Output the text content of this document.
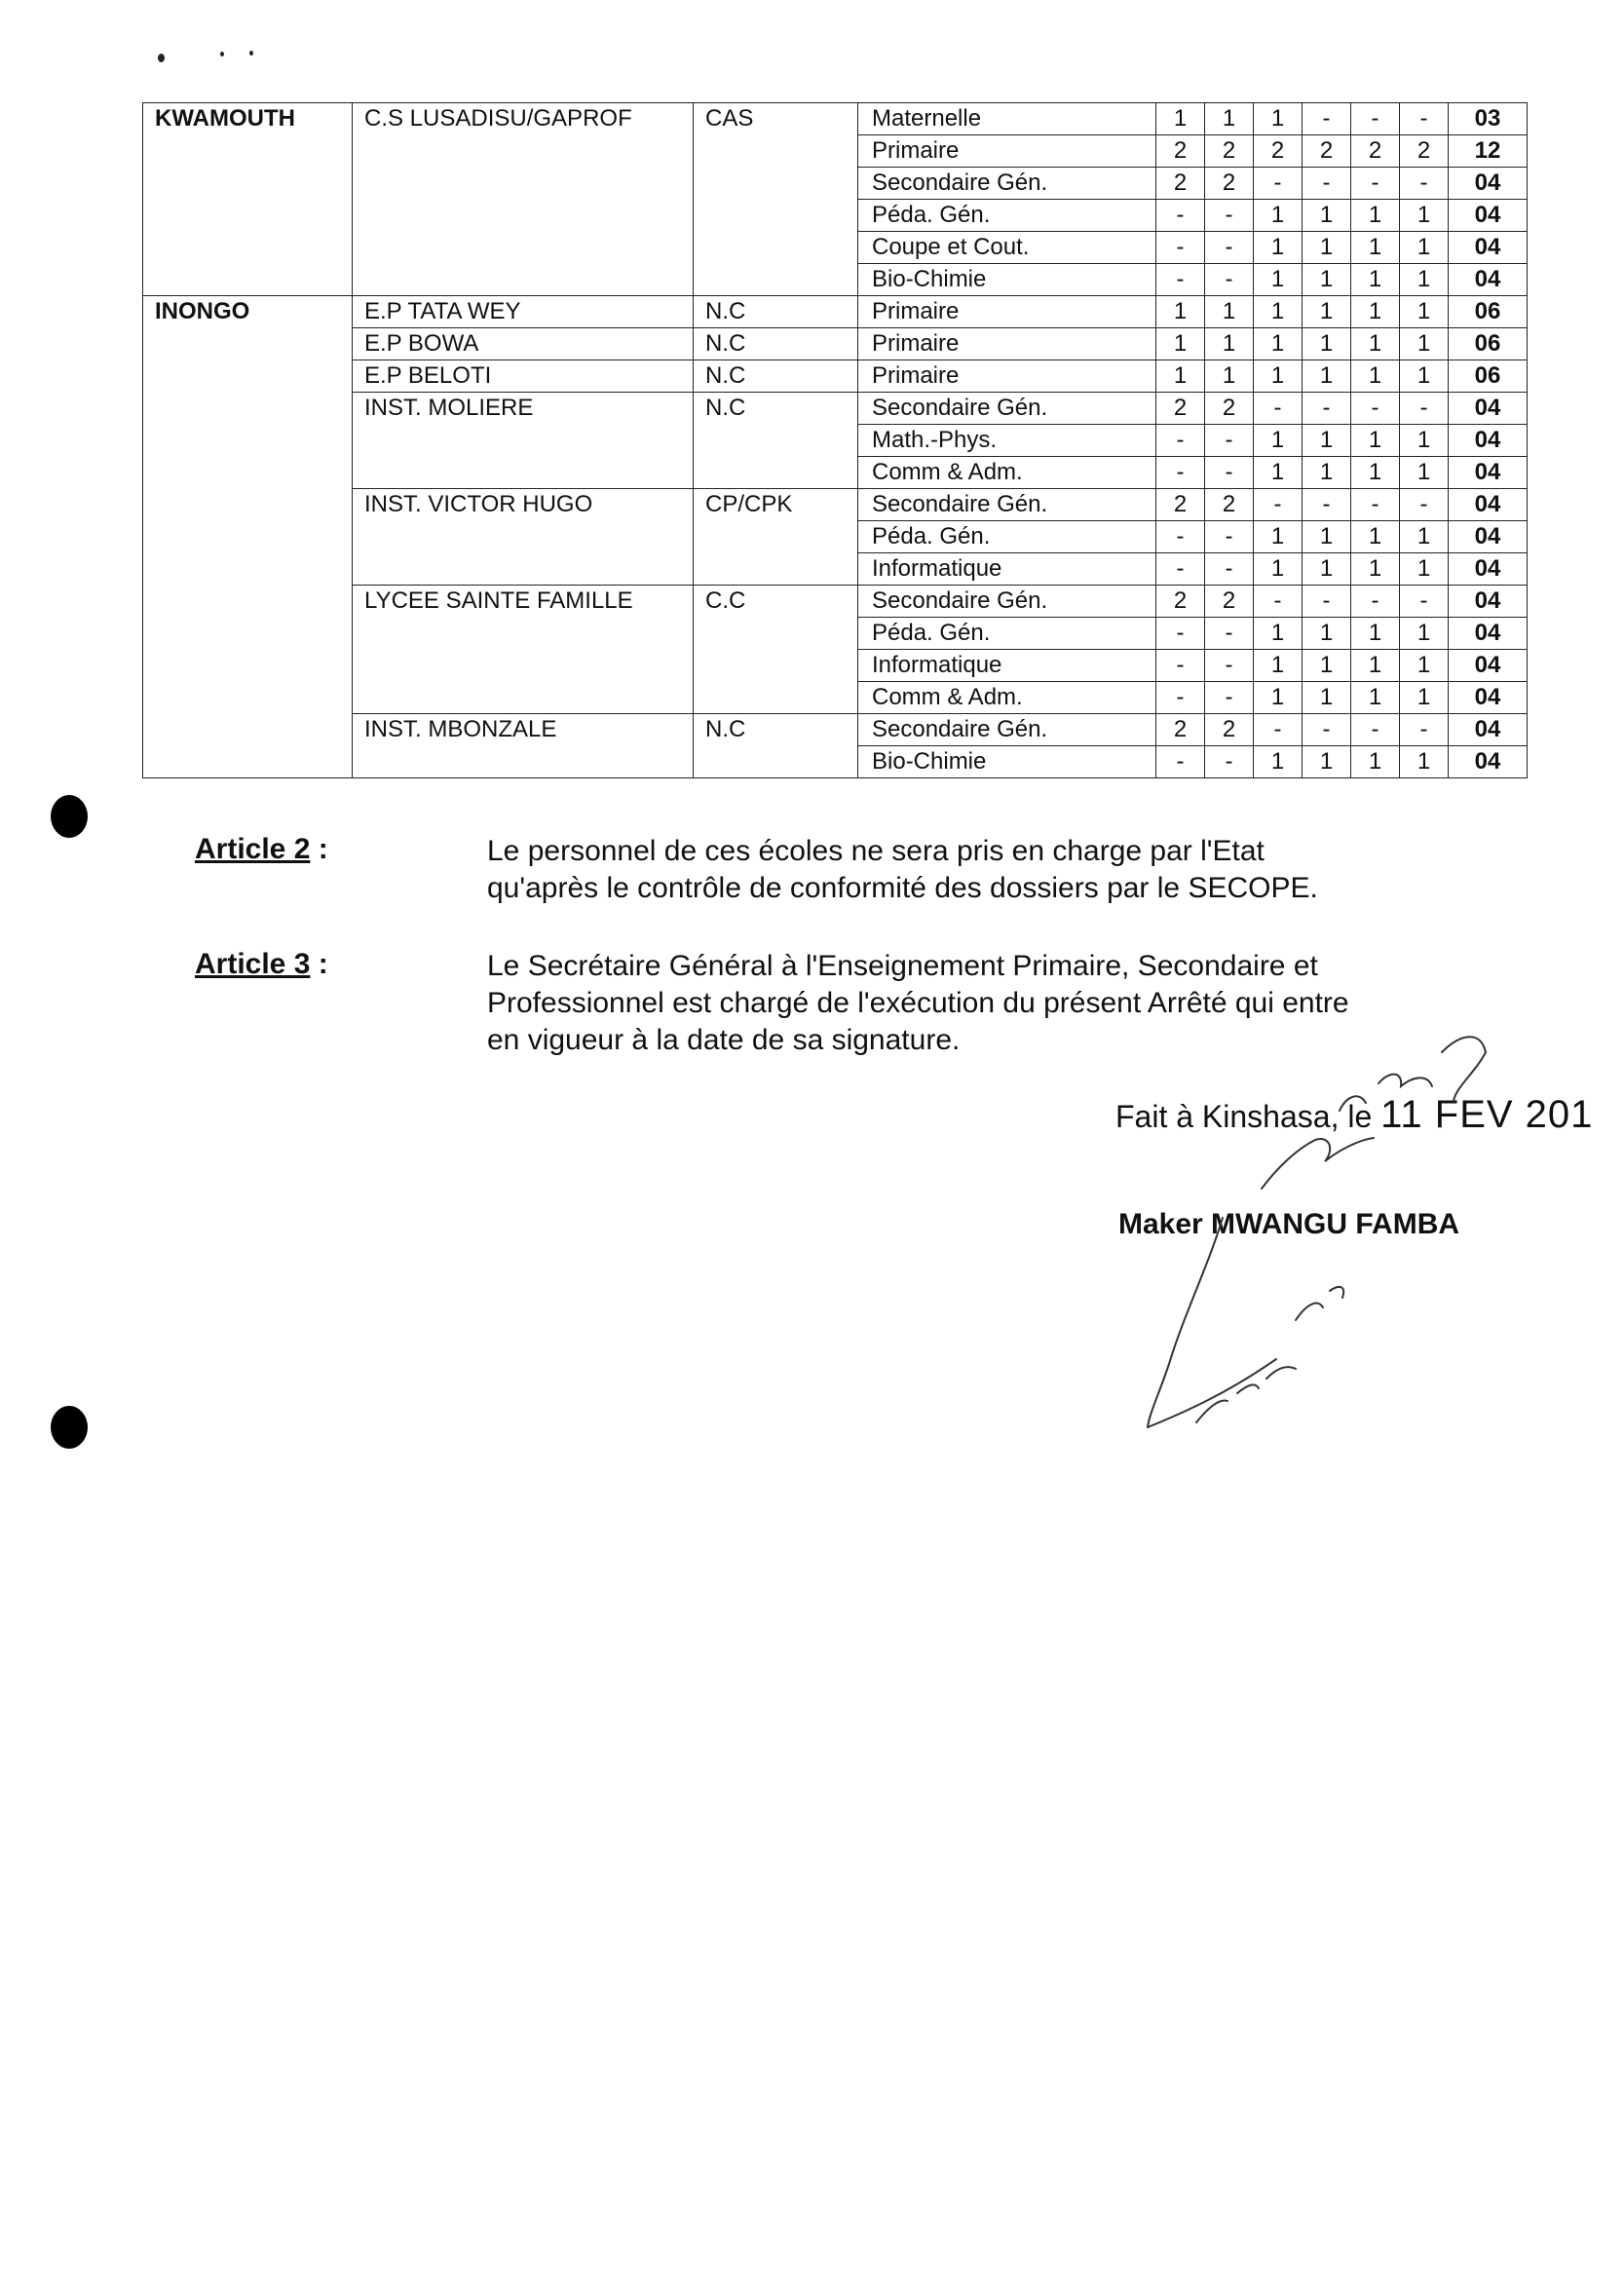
KWAMOUTH	C.S LUSADISU/GAPROF	CAS	Maternelle	1	1	1	-	-	-	03
			Primaire	2	2	2	2	2	2	12
			Secondaire Gén.	2	2	-	-	-	-	04
			Péda. Gén.	-	-	1	1	1	1	04
			Coupe et Cout.	-	-	1	1	1	1	04
			Bio-Chimie	-	-	1	1	1	1	04
INONGO	E.P TATA WEY	N.C	Primaire	1	1	1	1	1	1	06
	E.P BOWA	N.C	Primaire	1	1	1	1	1	1	06
	E.P BELOTI	N.C	Primaire	1	1	1	1	1	1	06
	INST. MOLIERE	N.C	Secondaire Gén.	2	2	-	-	-	-	04
			Math.-Phys.	-	-	1	1	1	1	04
			Comm & Adm.	-	-	1	1	1	1	04
	INST. VICTOR HUGO	CP/CPK	Secondaire Gén.	2	2	-	-	-	-	04
			Péda. Gén.	-	-	1	1	1	1	04
			Informatique	-	-	1	1	1	1	04
	LYCEE SAINTE FAMILLE	C.C	Secondaire Gén.	2	2	-	-	-	-	04
			Péda. Gén.	-	-	1	1	1	1	04
			Informatique	-	-	1	1	1	1	04
			Comm & Adm.	-	-	1	1	1	1	04
	INST. MBONZALE	N.C	Secondaire Gén.	2	2	-	-	-	-	04
			Bio-Chimie	-	-	1	1	1	1	04
Article 2 :	Le personnel de ces écoles ne sera pris en charge par l'Etat
qu'après le contrôle de conformité des dossiers par le SECOPE.
Article 3 :	Le Secrétaire Général à l'Enseignement Primaire, Secondaire et
Professionnel est chargé de l'exécution du présent Arrêté qui entre
en vigueur à la date de sa signature.
Fait à Kinshasa, le 11 FEV 201
Maker MWANGU FAMBA
